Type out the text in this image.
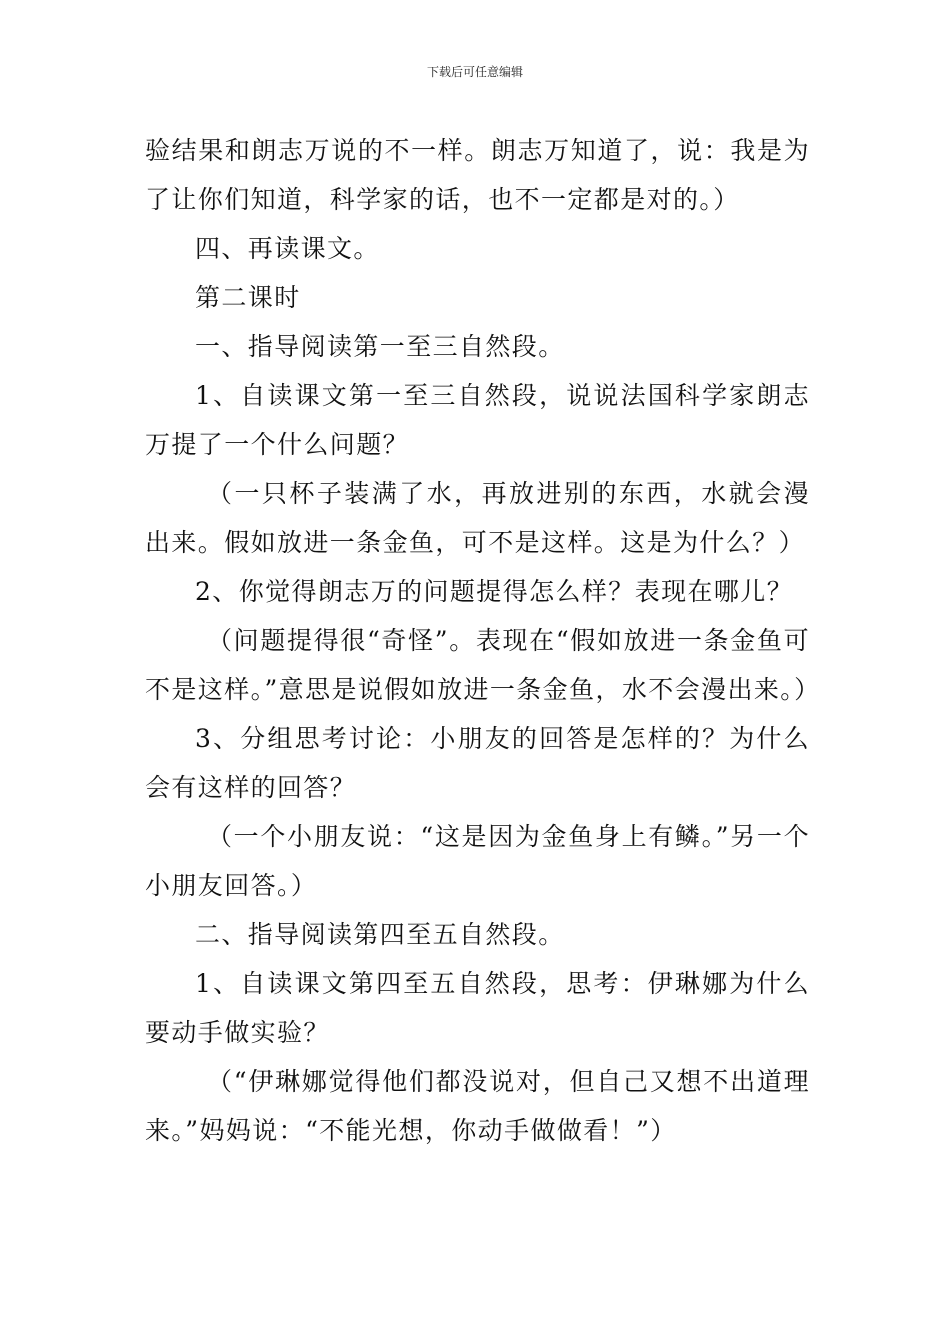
下载后可任意编辑

验结果和朗志万说的不一样。朗志万知道了，说：我是为了让你们知道，科学家的话，也不一定都是对的。）

四、再读课文。

第二课时

一、指导阅读第一至三自然段。

1、自读课文第一至三自然段，说说法国科学家朗志万提了一个什么问题？

（一只杯子装满了水，再放进别的东西，水就会漫出来。假如放进一条金鱼，可不是这样。这是为什么？）

2、你觉得朗志万的问题提得怎么样？表现在哪儿？

（问题提得很“奇怪”。表现在“假如放进一条金鱼可不是这样。”意思是说假如放进一条金鱼，水不会漫出来。）

3、分组思考讨论：小朋友的回答是怎样的？为什么会有这样的回答？

（一个小朋友说：“这是因为金鱼身上有鳞。”另一个小朋友回答。）

二、指导阅读第四至五自然段。

1、自读课文第四至五自然段，思考：伊琳娜为什么要动手做实验？

（“伊琳娜觉得他们都没说对，但自己又想不出道理来。”妈妈说：“不能光想，你动手做做看！”）
